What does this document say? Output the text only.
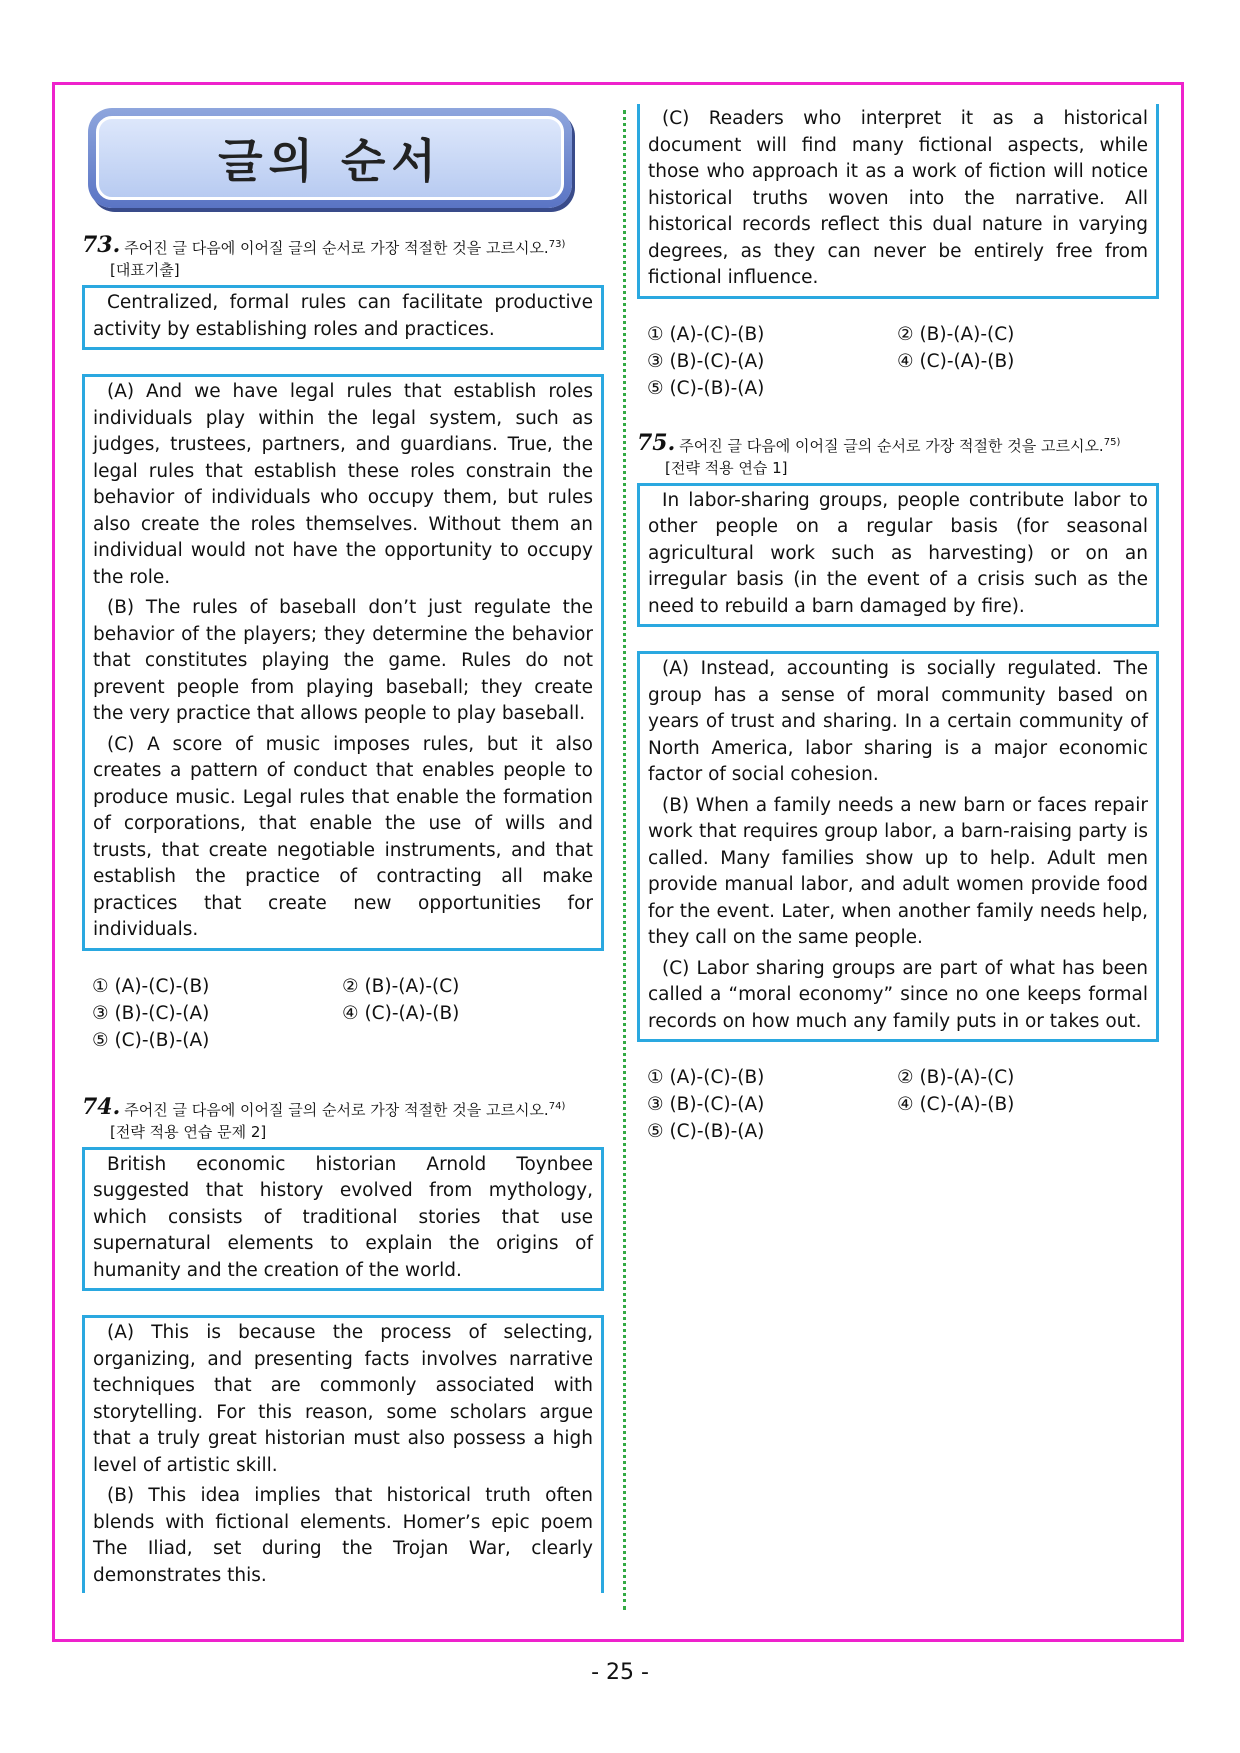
글의 순서
73. 주어진 글 다음에 이어질 글의 순서로 가장 적절한 것을 고르시오.$^{73)}$
[대표기출]

Centralized, formal rules can facilitate productive activity by establishing roles and practices.

(A) And we have legal rules that establish roles individuals play within the legal system, such as judges, trustees, partners, and guardians. True, the legal rules that establish these roles constrain the behavior of individuals who occupy them, but rules also create the roles themselves. Without them an individual would not have the opportunity to occupy the role.

(B) The rules of baseball don’t just regulate the behavior of the players; they determine the behavior that constitutes playing the game. Rules do not prevent people from playing baseball; they create the very practice that allows people to play baseball.

(C) A score of music imposes rules, but it also creates a pattern of conduct that enables people to produce music. Legal rules that enable the formation of corporations, that enable the use of wills and trusts, that create negotiable instruments, and that establish the practice of contracting all make practices that create new opportunities for individuals.

① (A)-(C)-(B)	② (B)-(A)-(C)
③ (B)-(C)-(A)	④ (C)-(A)-(B)
⑤ (C)-(B)-(A)
74. 주어진 글 다음에 이어질 글의 순서로 가장 적절한 것을 고르시오.$^{74)}$
[전략 적용 연습 문제 2]

British economic historian Arnold Toynbee suggested that history evolved from mythology, which consists of traditional stories that use supernatural elements to explain the origins of humanity and the creation of the world.

(A) This is because the process of selecting, organizing, and presenting facts involves narrative techniques that are commonly associated with storytelling. For this reason, some scholars argue that a truly great historian must also possess a high level of artistic skill.

(B) This idea implies that historical truth often blends with fictional elements. Homer’s epic poem The Iliad, set during the Trojan War, clearly demonstrates this.

(C) Readers who interpret it as a historical document will find many fictional aspects, while those who approach it as a work of fiction will notice historical truths woven into the narrative. All historical records reflect this dual nature in varying degrees, as they can never be entirely free from fictional influence.

① (A)-(C)-(B)	② (B)-(A)-(C)
③ (B)-(C)-(A)	④ (C)-(A)-(B)
⑤ (C)-(B)-(A)
75. 주어진 글 다음에 이어질 글의 순서로 가장 적절한 것을 고르시오.$^{75)}$
[전략 적용 연습 1]

In labor-sharing groups, people contribute labor to other people on a regular basis (for seasonal agricultural work such as harvesting) or on an irregular basis (in the event of a crisis such as the need to rebuild a barn damaged by fire).

(A) Instead, accounting is socially regulated. The group has a sense of moral community based on years of trust and sharing. In a certain community of North America, labor sharing is a major economic factor of social cohesion.

(B) When a family needs a new barn or faces repair work that requires group labor, a barn-raising party is called. Many families show up to help. Adult men provide manual labor, and adult women provide food for the event. Later, when another family needs help, they call on the same people.

(C) Labor sharing groups are part of what has been called a “moral economy” since no one keeps formal records on how much any family puts in or takes out.

① (A)-(C)-(B)	② (B)-(A)-(C)
③ (B)-(C)-(A)	④ (C)-(A)-(B)
⑤ (C)-(B)-(A)
- 25 -
